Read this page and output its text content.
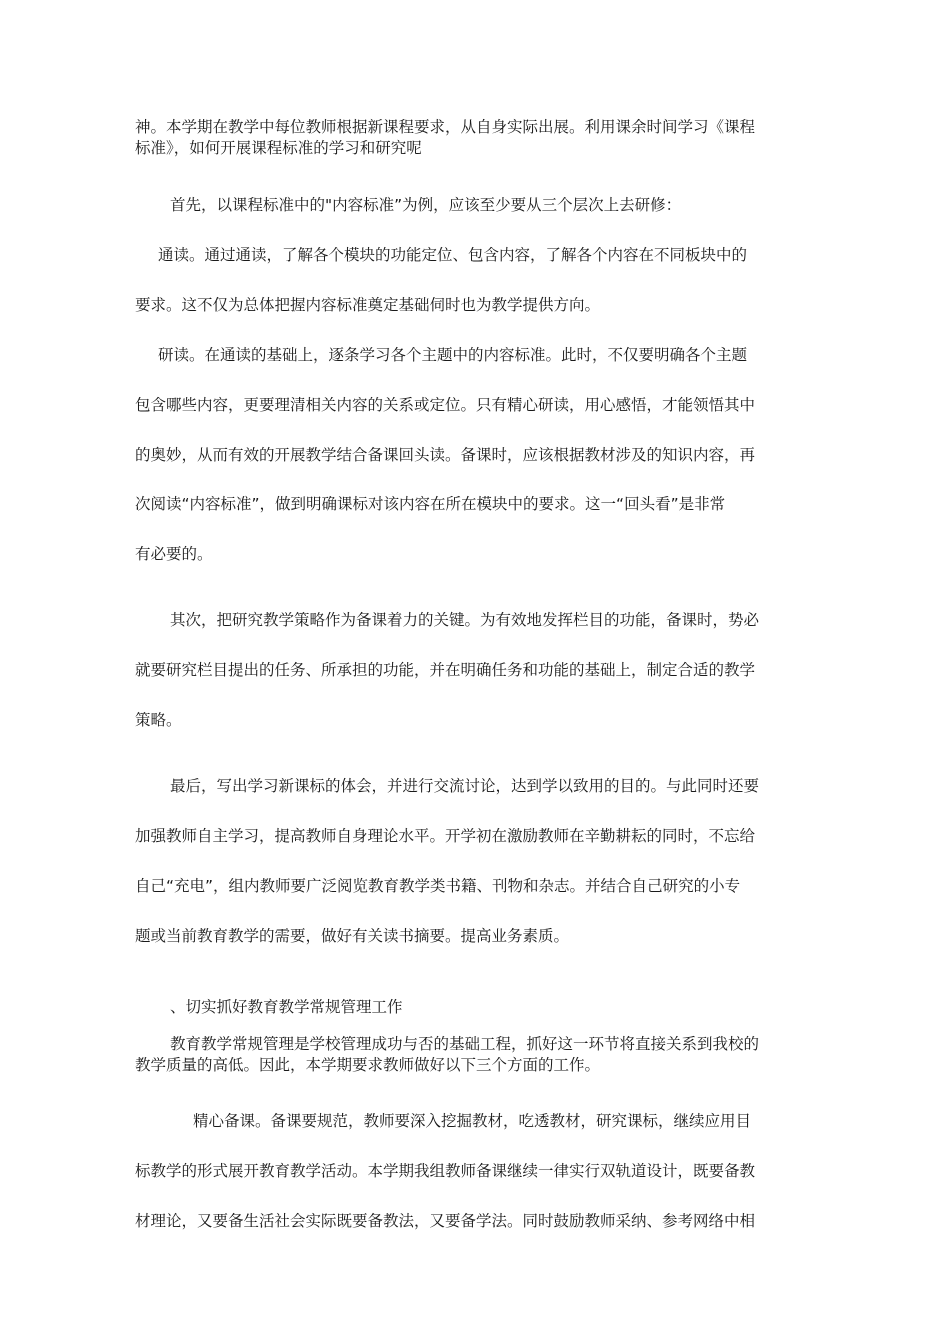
神。本学期在教学中每位教师根据新课程要求，从自身实际出展。利用课余时间学习《课程
标准》，如何开展课程标准的学习和研究呢
首先，以课程标准中的"内容标准”为例，应该至少要从三个层次上去研修：
通读。通过通读，了解各个模块的功能定位、包含内容，了解各个内容在不同板块中的
要求。这不仅为总体把握内容标准奠定基础伺时也为教学提供方向。
研读。在通读的基础上，逐条学习各个主题中的内容标准。此时，不仅要明确各个主题
包含哪些内容，更要理清相关内容的关系或定位。只有精心研读，用心感悟，才能领悟其中
的奥妙，从而有效的开展教学结合备课回头读。备课时，应该根据教材涉及的知识内容，再
次阅读“内容标准”，做到明确课标对该内容在所在模块中的要求。这一“回头看”是非常
有必要的。
其次，把研究教学策略作为备课着力的关键。为有效地发挥栏目的功能，备课时，势必
就要研究栏目提出的任务、所承担的功能，并在明确任务和功能的基础上，制定合适的教学
策略。
最后，写出学习新课标的体会，并进行交流讨论，达到学以致用的目的。与此同时还要
加强教师自主学习，提高教师自身理论水平。开学初在激励教师在辛勤耕耘的同时，不忘给
自己“充电”，组内教师要广泛阅览教育教学类书籍、刊物和杂志。并结合自己研究的小专
题或当前教育教学的需要，做好有关读书摘要。提高业务素质。
、切实抓好教育教学常规管理工作
教育教学常规管理是学校管理成功与否的基础工程，抓好这一环节将直接关系到我校的
教学质量的高低。因此，本学期要求教师做好以下三个方面的工作。
精心备课。备课要规范，教师要深入挖掘教材，吃透教材，研究课标，继续应用目
标教学的形式展开教育教学活动。本学期我组教师备课继续一律实行双轨道设计，既要备教
材理论，又要备生活社会实际既要备教法，又要备学法。同时鼓励教师采纳、参考网络中相
